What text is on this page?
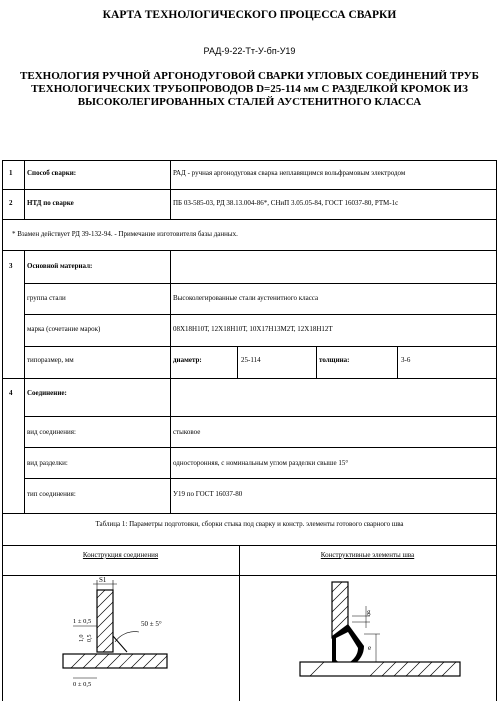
КАРТА ТЕХНОЛОГИЧЕСКОГО ПРОЦЕССА СВАРКИ
РАД-9-22-Тт-У-бп-У19
ТЕХНОЛОГИЯ РУЧНОЙ АРГОНОДУГОВОЙ СВАРКИ УГЛОВЫХ СОЕДИНЕНИЙ ТРУБ
ТЕХНОЛОГИЧЕСКИХ ТРУБОПРОВОДОВ D=25-114 мм С РАЗДЕЛКОЙ КРОМОК ИЗ
ВЫСОКОЛЕГИРОВАННЫХ СТАЛЕЙ АУСТЕНИТНОГО КЛАССА
1 Способ сварки:	РАД - ручная аргонодуговая сварка неплавящимся вольфрамовым электродом
2 НТД по сварке	ПБ 03-585-03, РД 38.13.004-86*, СНиП 3.05.05-84, ГОСТ 16037-80, РТМ-1с
* Взамен действует РД 39-132-94. - Примечание изготовителя базы данных.
3 Основной материал:
группа стали	Высоколегированные стали аустенитного класса
марка (сочетание марок)	08Х18Н10Т, 12Х18Н10Т, 10Х17Н13М2Т, 12Х18Н12Т
типоразмер, мм	диаметр:	25-114	толщина:	3-6
4 Соединение:
вид соединения:	стыковое
вид разделки:	односторонняя, с номинальным углом разделки свыше 15°
тип соединения:	У19 по ГОСТ 16037-80
Таблица 1: Параметры подготовки, сборки стыка под сварку и констр. элементы готового сварного шва
Конструкция соединения	Конструктивные элементы шва
S1
50 ± 5°
1 ± 0,5
1,0 0,5
0 ± 0,5
g
e
